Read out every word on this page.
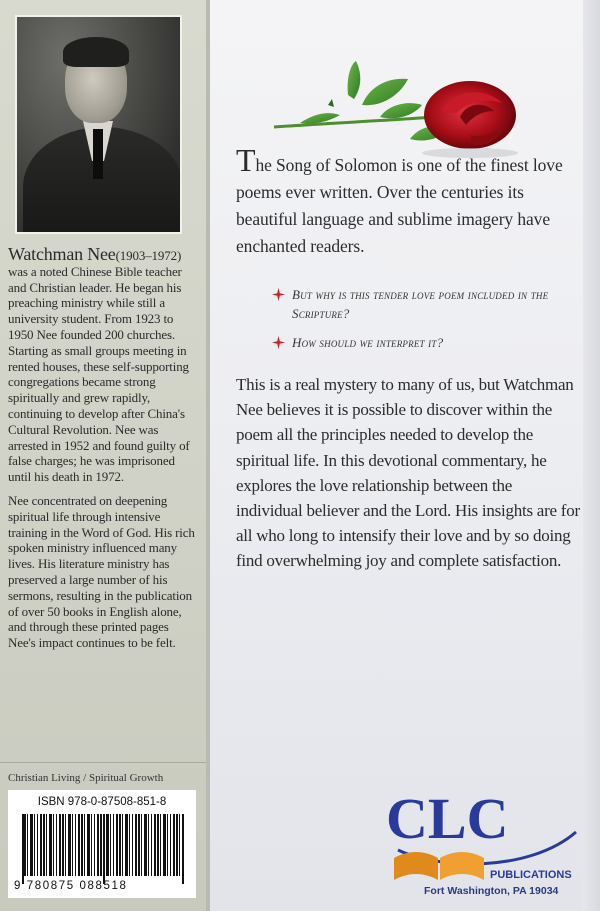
Watchman Nee(1903–1972) was a noted Chinese Bible teacher and Christian leader. He began his preaching ministry while still a university student. From 1923 to 1950 Nee founded 200 churches. Starting as small groups meeting in rented houses, these self-supporting congregations became strong spiritually and grew rapidly, continuing to develop after China's Cultural Revolution. Nee was arrested in 1952 and found guilty of false charges; he was imprisoned until his death in 1972.

Nee concentrated on deepening spiritual life through intensive training in the Word of God. His rich spoken ministry influenced many lives. His literature ministry has preserved a large number of his sermons, resulting in the publication of over 50 books in English alone, and through these printed pages Nee's impact continues to be felt.

Christian Living / Spiritual Growth
ISBN 978-0-87508-851-8
9 780875 088518
The Song of Solomon is one of the finest love poems ever written. Over the centuries its beautiful language and sublime imagery have enchanted readers.
But why is this tender love poem included in the Scripture?
How should we interpret it?
This is a real mystery to many of us, but Watchman Nee believes it is possible to discover within the poem all the principles needed to develop the spiritual life. In this devotional commentary, he explores the love relationship between the individual believer and the Lord. His insights are for all who long to intensify their love and by so doing find overwhelming joy and complete satisfaction.
CLC
PUBLICATIONS
Fort Washington, PA 19034
